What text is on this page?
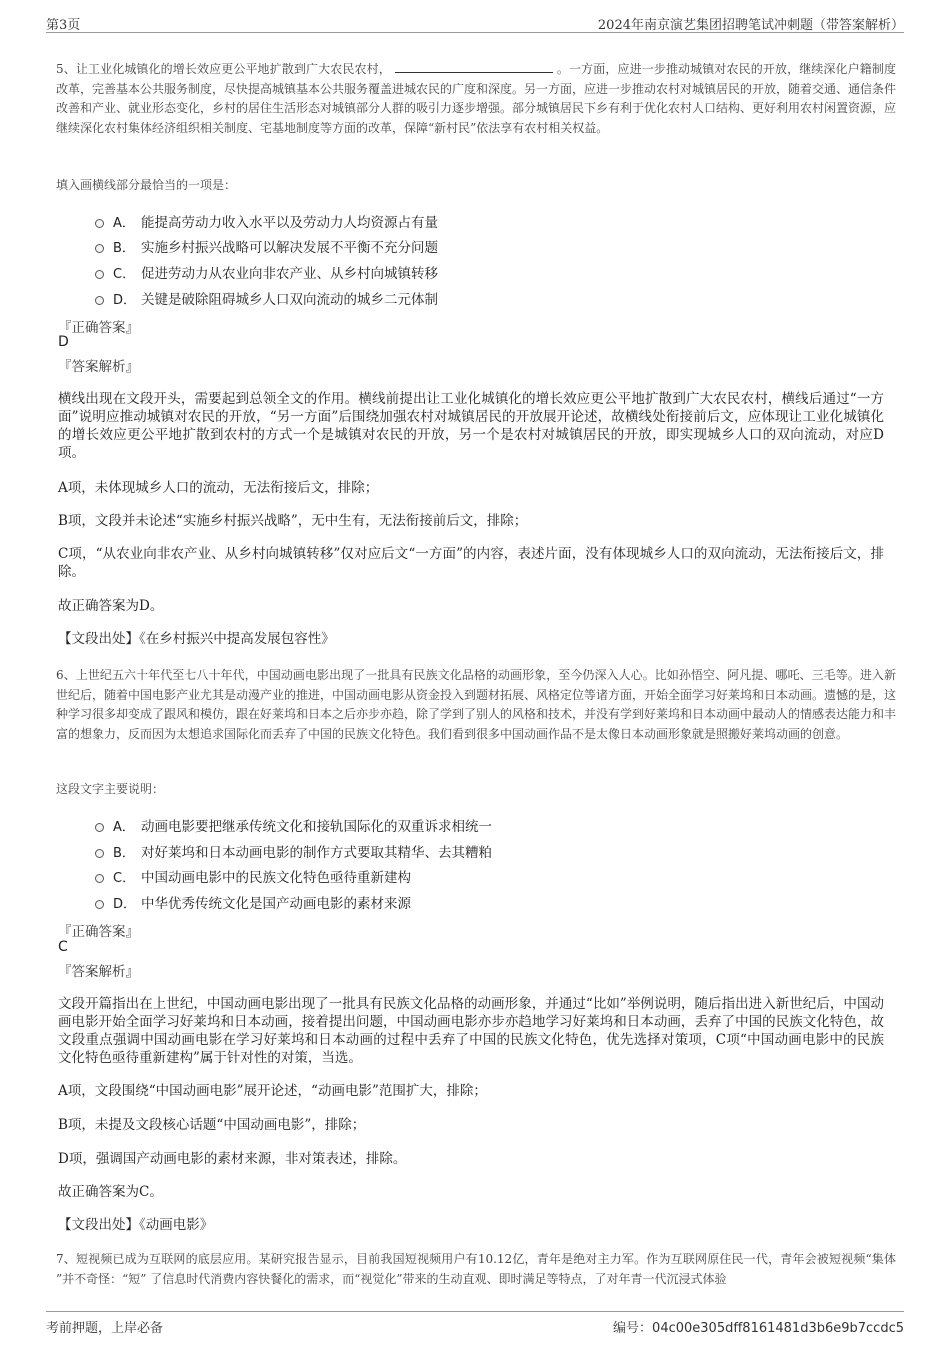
第3页	2024年南京演艺集团招聘笔试冲刺题（带答案解析）
5、让工业化城镇化的增长效应更公平地扩散到广大农民农村，	。一方面，应进一步推动城镇对农民的开放，继续深化户籍制度改革，完善基本公共服务制度，尽快提高城镇基本公共服务覆盖进城农民的广度和深度。另一方面，应进一步推动农村对城镇居民的开放，随着交通、通信条件改善和产业、就业形态变化，乡村的居住生活形态对城镇部分人群的吸引力逐步增强。部分城镇居民下乡有利于优化农村人口结构、更好利用农村闲置资源，应继续深化农村集体经济组织相关制度、宅基地制度等方面的改革，保障“新村民”依法享有农村相关权益。
填入画横线部分最恰当的一项是：
A． 能提高劳动力收入水平以及劳动力人均资源占有量
B． 实施乡村振兴战略可以解决发展不平衡不充分问题
C． 促进劳动力从农业向非农产业、从乡村向城镇转移
D． 关键是破除阻碍城乡人口双向流动的城乡二元体制
『正确答案』
D
『答案解析』
横线出现在文段开头，需要起到总领全文的作用。横线前提出让工业化城镇化的增长效应更公平地扩散到广大农民农村，横线后通过“一方面”说明应推动城镇对农民的开放，“另一方面”后围绕加强农村对城镇居民的开放展开论述，故横线处衔接前后文，应体现让工业化城镇化的增长效应更公平地扩散到农村的方式一个是城镇对农民的开放，另一个是农村对城镇居民的开放，即实现城乡人口的双向流动，对应D项。
A项，未体现城乡人口的流动，无法衔接后文，排除；
B项，文段并未论述“实施乡村振兴战略”，无中生有，无法衔接前后文，排除；
C项，“从农业向非农产业、从乡村向城镇转移”仅对应后文“一方面”的内容，表述片面，没有体现城乡人口的双向流动，无法衔接后文，排除。
故正确答案为D。
【文段出处】《在乡村振兴中提高发展包容性》
6、上世纪五六十年代至七八十年代，中国动画电影出现了一批具有民族文化品格的动画形象，至今仍深入人心。比如孙悟空、阿凡提、哪吒、三毛等。进入新世纪后，随着中国电影产业尤其是动漫产业的推进，中国动画电影从资金投入到题材拓展、风格定位等诸方面，开始全面学习好莱坞和日本动画。遗憾的是，这种学习很多却变成了跟风和模仿，跟在好莱坞和日本之后亦步亦趋，除了学到了别人的风格和技术，并没有学到好莱坞和日本动画中最动人的情感表达能力和丰富的想象力，反而因为太想追求国际化而丢弃了中国的民族文化特色。我们看到很多中国动画作品不是太像日本动画形象就是照搬好莱坞动画的创意。
这段文字主要说明：
A． 动画电影要把继承传统文化和接轨国际化的双重诉求相统一
B． 对好莱坞和日本动画电影的制作方式要取其精华、去其糟粕
C． 中国动画电影中的民族文化特色亟待重新建构
D． 中华优秀传统文化是国产动画电影的素材来源
『正确答案』
C
『答案解析』
文段开篇指出在上世纪，中国动画电影出现了一批具有民族文化品格的动画形象，并通过“比如”举例说明，随后指出进入新世纪后，中国动画电影开始全面学习好莱坞和日本动画，接着提出问题，中国动画电影亦步亦趋地学习好莱坞和日本动画，丢弃了中国的民族文化特色，故文段重点强调中国动画电影在学习好莱坞和日本动画的过程中丢弃了中国的民族文化特色，优先选择对策项，C项“中国动画电影中的民族文化特色亟待重新建构”属于针对性的对策，当选。
A项，文段围绕“中国动画电影”展开论述，“动画电影”范围扩大，排除；
B项，未提及文段核心话题“中国动画电影”，排除；
D项，强调国产动画电影的素材来源，非对策表述，排除。
故正确答案为C。
【文段出处】《动画电影》
7、短视频已成为互联网的底层应用。某研究报告显示，目前我国短视频用户有10.12亿，青年是绝对主力军。作为互联网原住民一代，青年会被短视频“集体 ”并不奇怪：“短” 了信息时代消费内容快餐化的需求，而“视觉化”带来的生动直观、即时满足等特点，了对年青一代沉浸式体验
考前押题，上岸必备	编号：04c00e305dff8161481d3b6e9b7ccdc5
